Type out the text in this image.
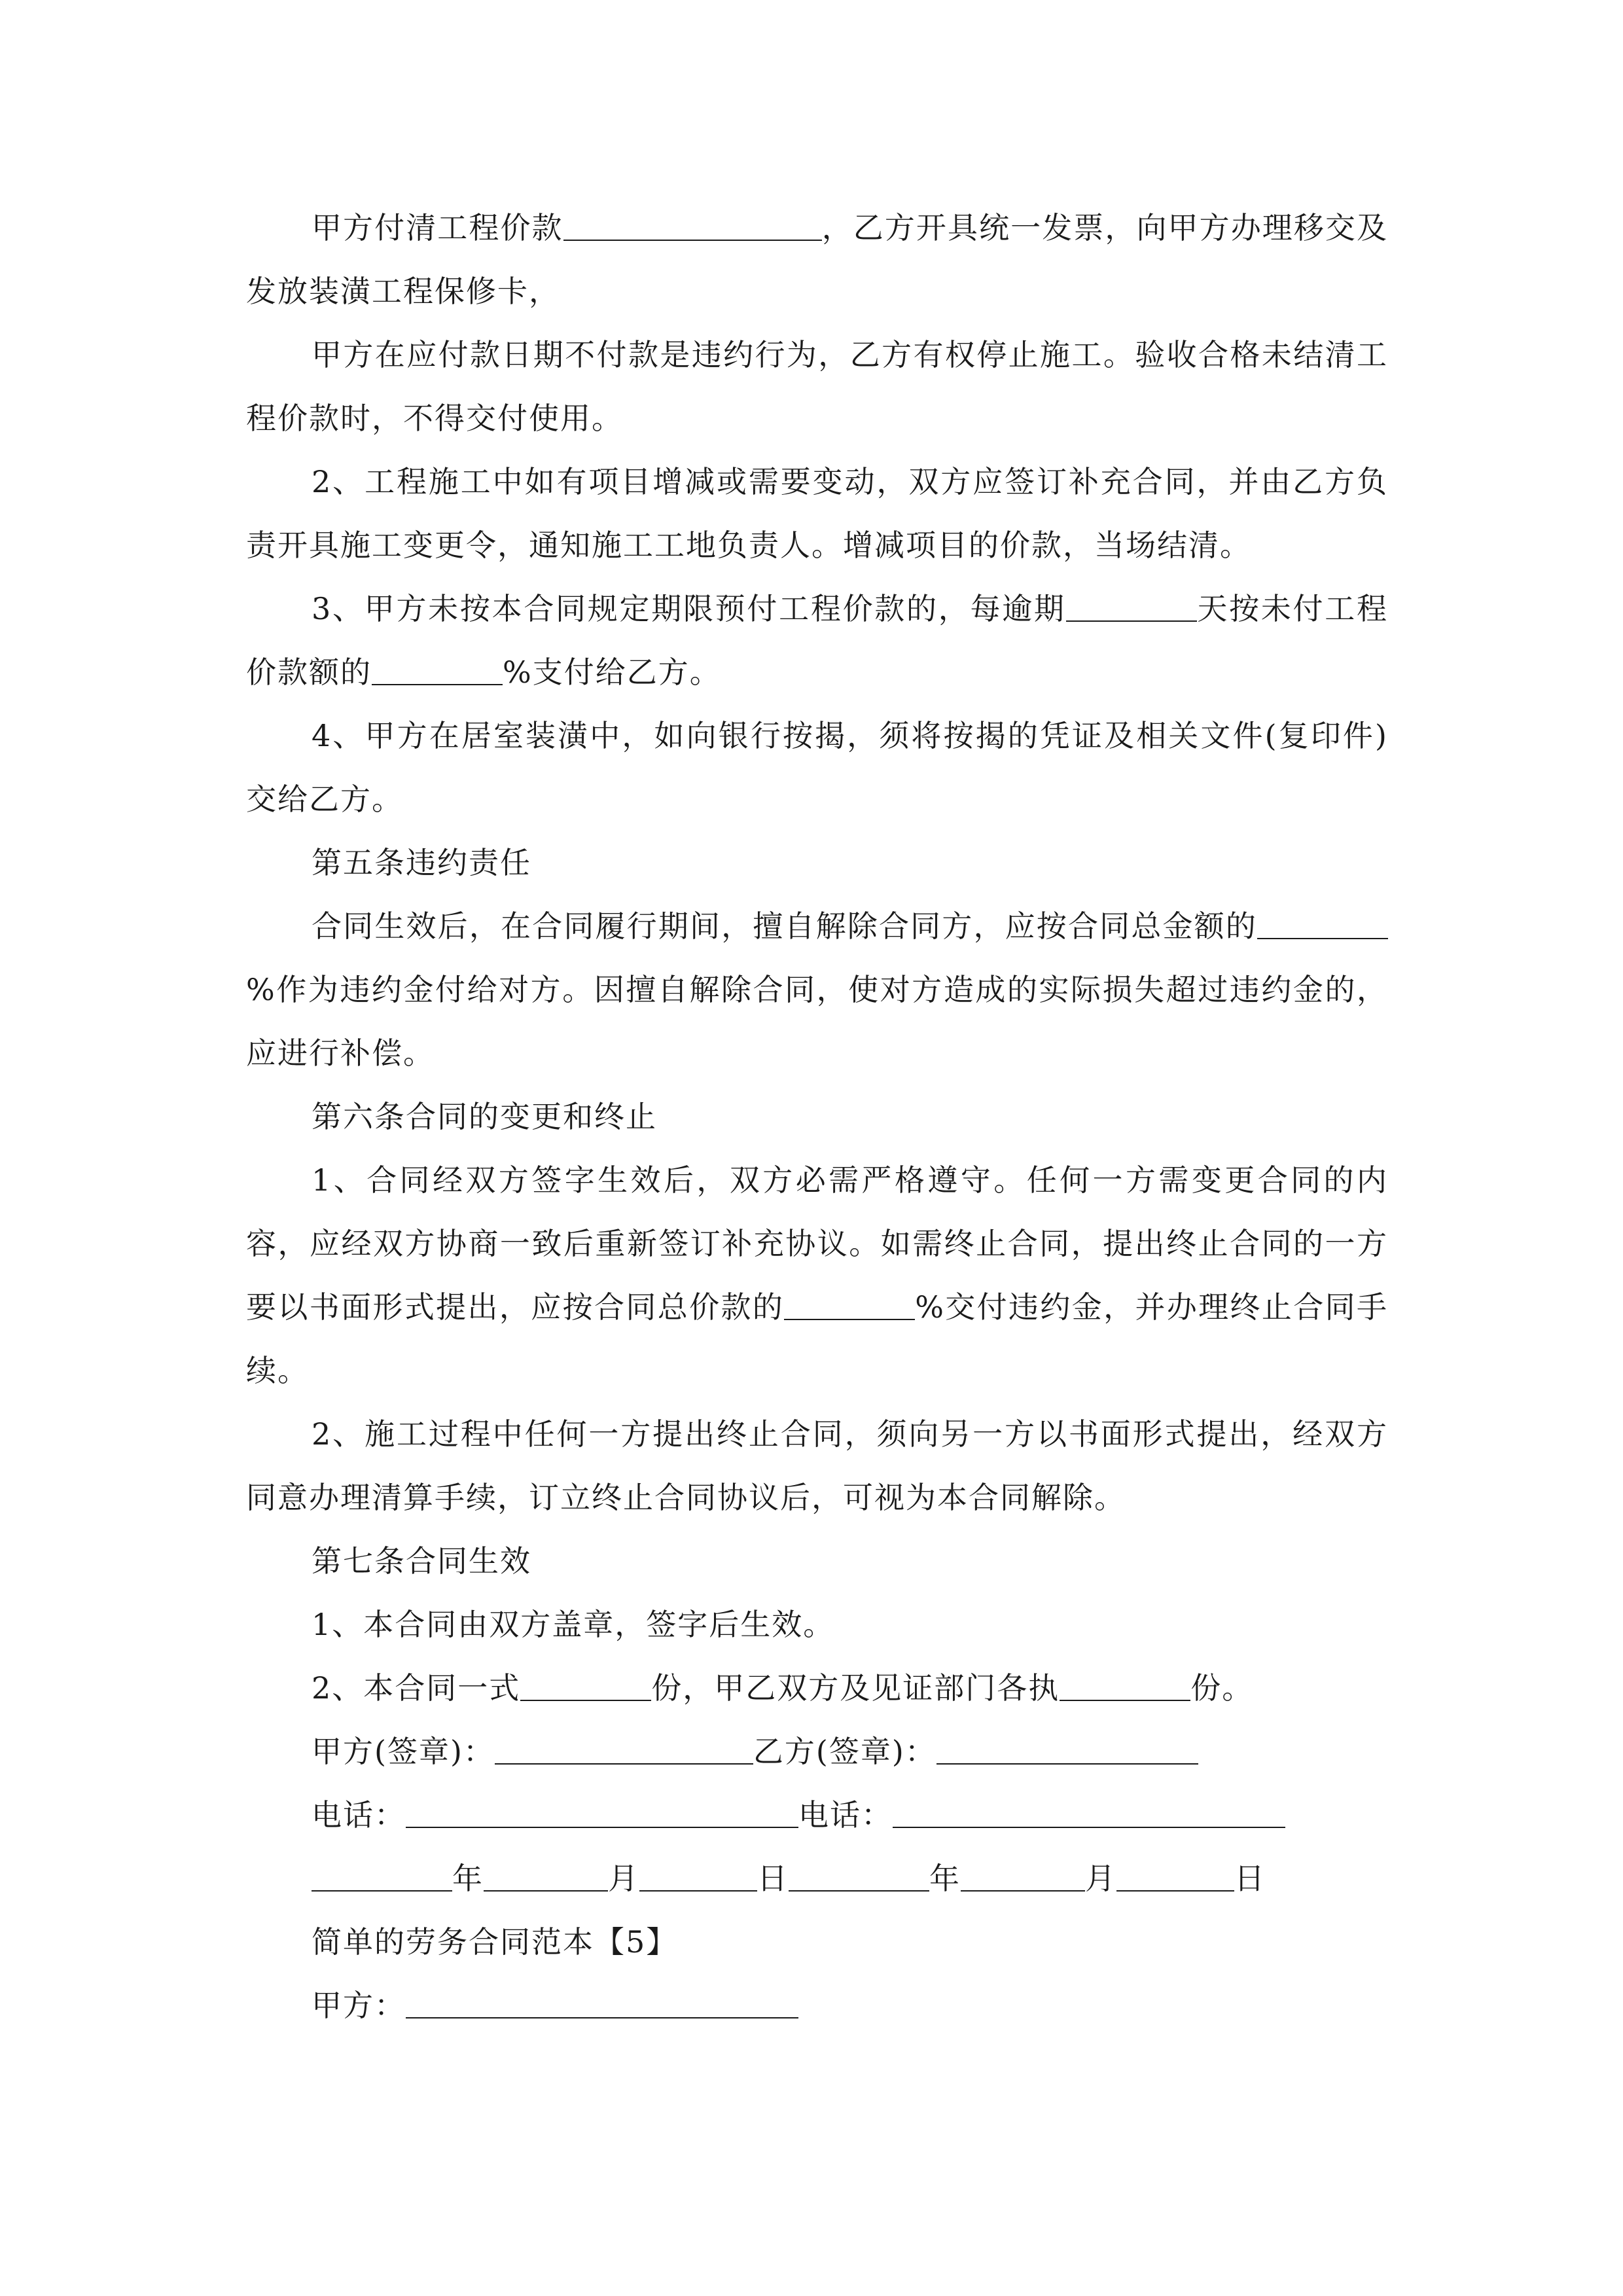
甲方付清工程价款	，乙方开具统一发票，向甲方办理移交及发放装潢工程保修卡，

甲方在应付款日期不付款是违约行为，乙方有权停止施工。验收合格未结清工程价款时，不得交付使用。

2、工程施工中如有项目增减或需要变动，双方应签订补充合同，并由乙方负责开具施工变更令，通知施工工地负责人。增减项目的价款，当场结清。

3、甲方未按本合同规定期限预付工程价款的，每逾期	天按未付工程价款额的	%支付给乙方。

4、甲方在居室装潢中，如向银行按揭，须将按揭的凭证及相关文件(复印件)交给乙方。

第五条违约责任

合同生效后，在合同履行期间，擅自解除合同方，应按合同总金额的%作为违约金付给对方。因擅自解除合同，使对方造成的实际损失超过违约金的，应进行补偿。

第六条合同的变更和终止

1、合同经双方签字生效后，双方必需严格遵守。任何一方需变更合同的内容，应经双方协商一致后重新签订补充协议。如需终止合同，提出终止合同的一方要以书面形式提出，应按合同总价款的	%交付违约金，并办理终止合同手续。

2、施工过程中任何一方提出终止合同，须向另一方以书面形式提出，经双方同意办理清算手续，订立终止合同协议后，可视为本合同解除。

第七条合同生效

1、本合同由双方盖章，签字后生效。

2、本合同一式	份，甲乙双方及见证部门各执	份。

甲方(签章)：	乙方(签章)：

电话：	电话：

年	月	日	年	月	日

简单的劳务合同范本【5】

甲方：
